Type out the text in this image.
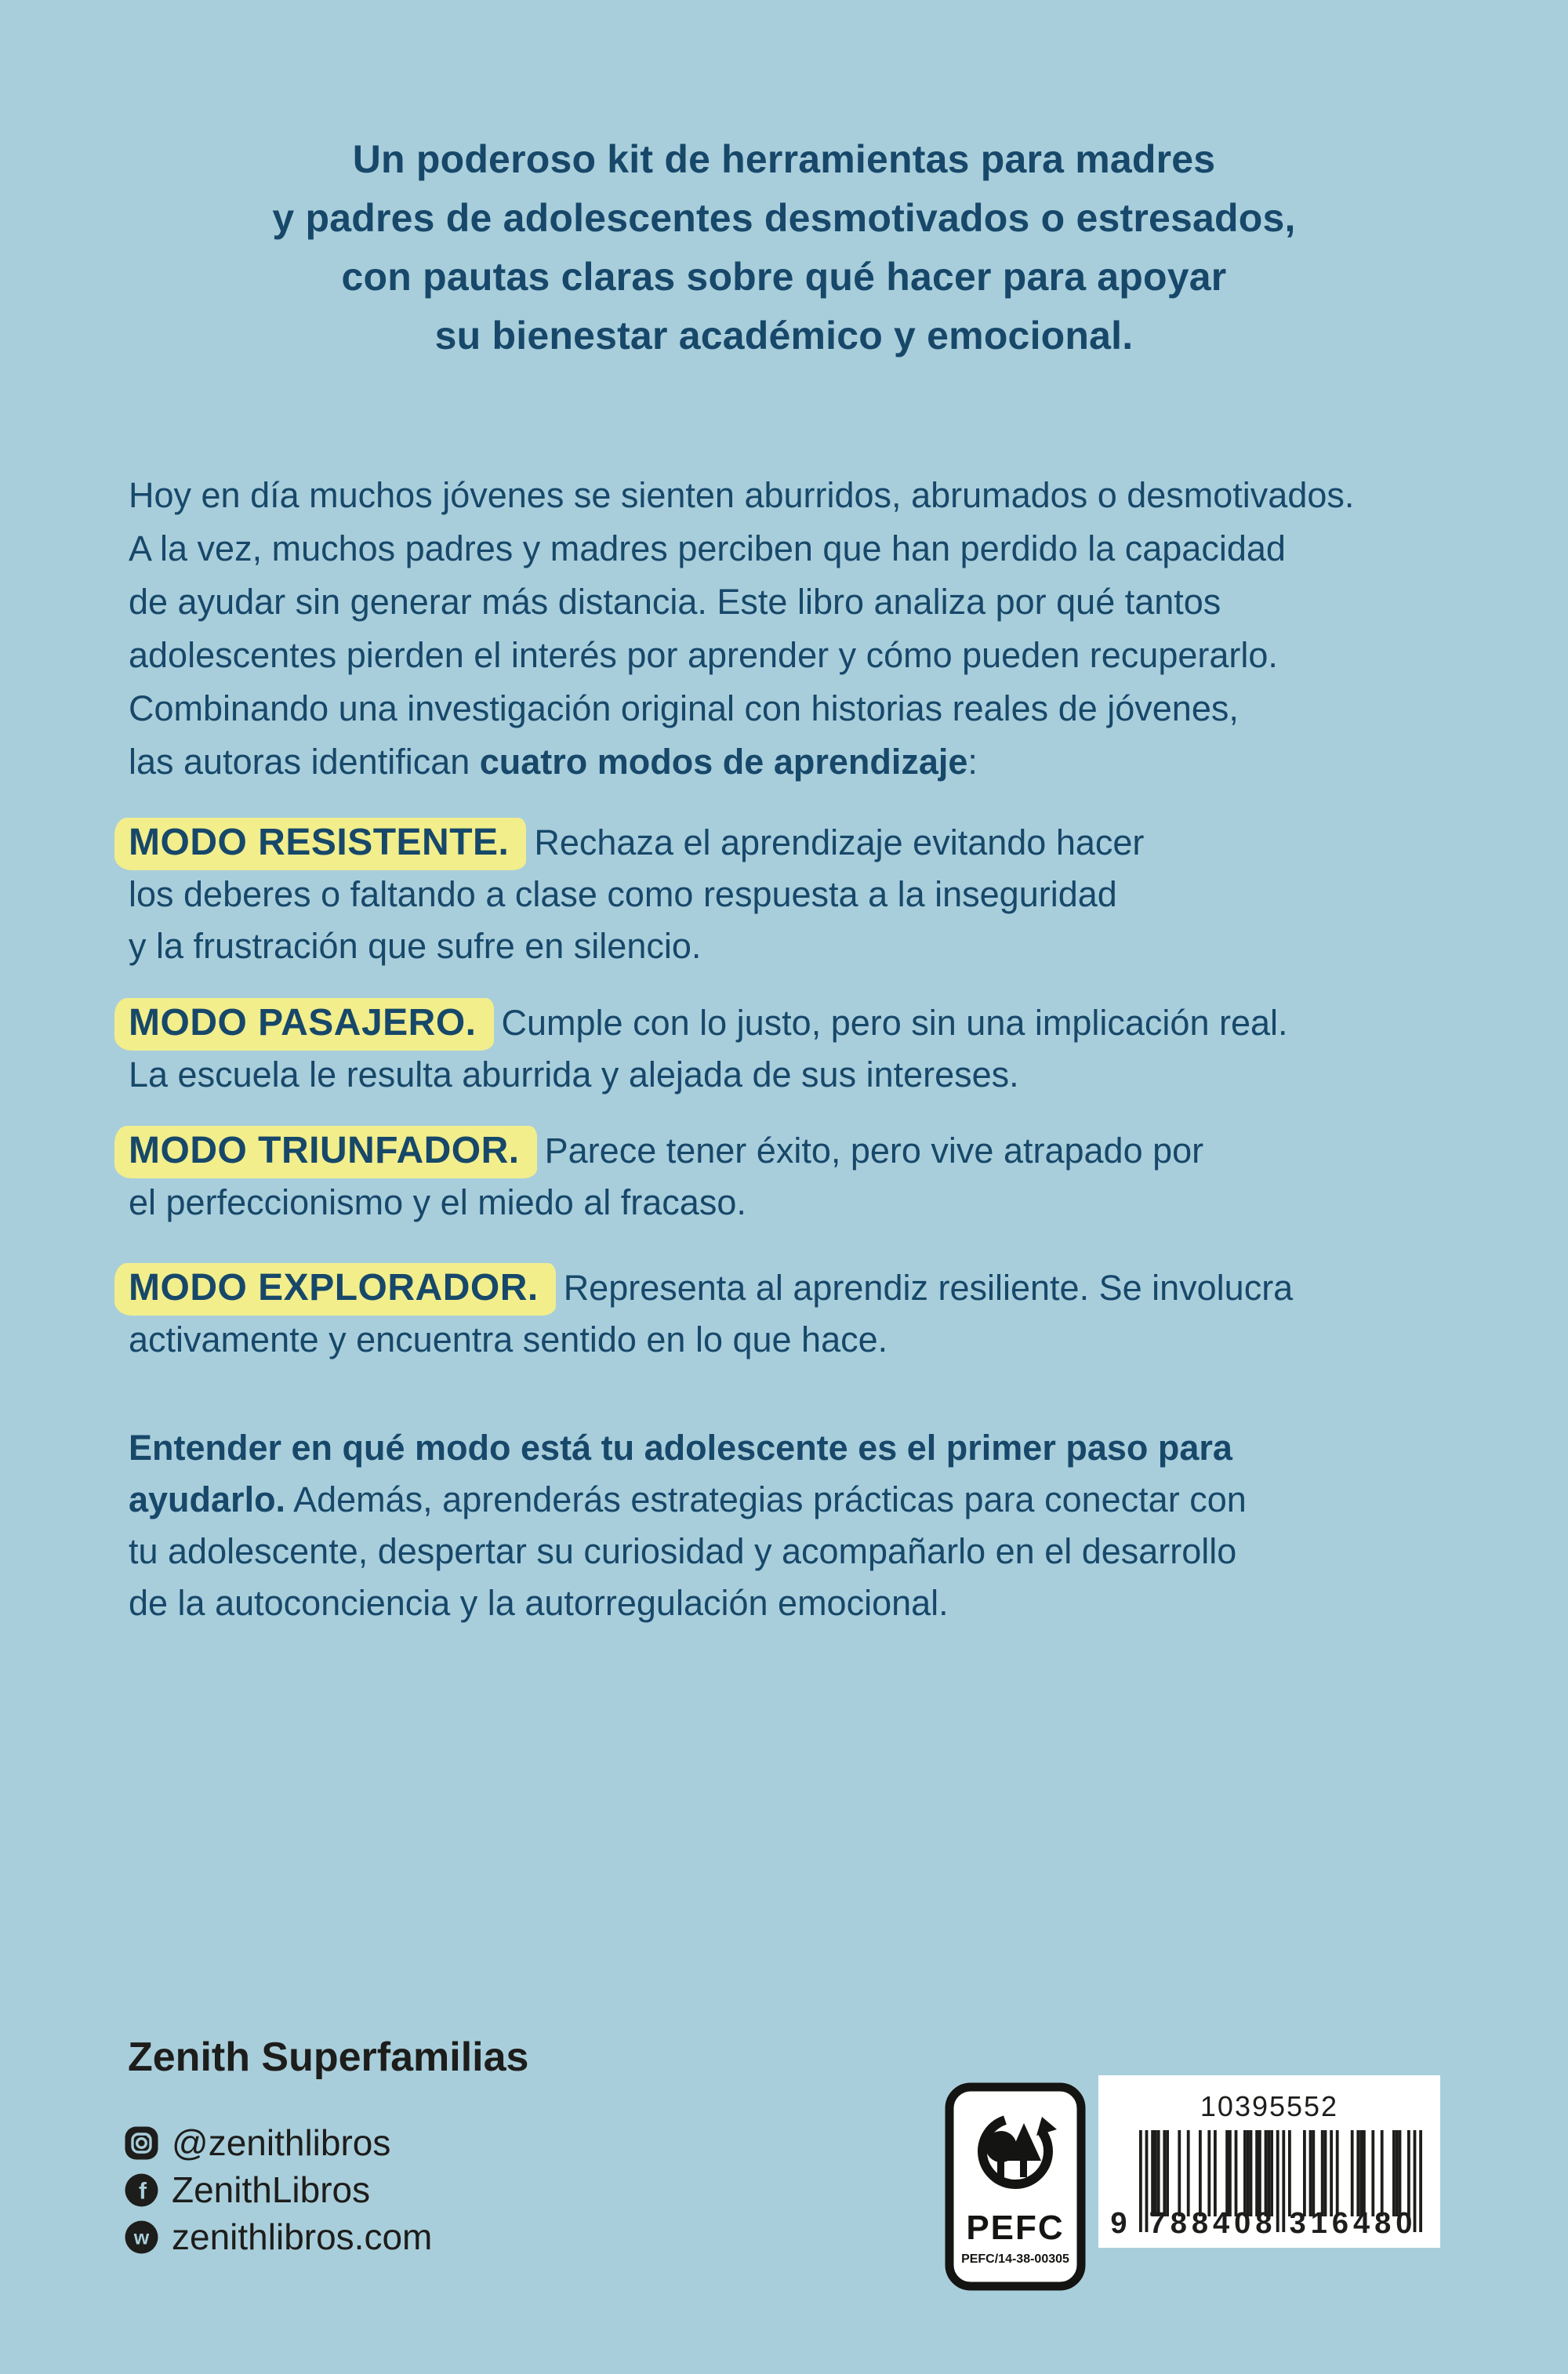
Un poderoso kit de herramientas para madres
y padres de adolescentes desmotivados o estresados,
con pautas claras sobre qué hacer para apoyar
su bienestar académico y emocional.
Hoy en día muchos jóvenes se sienten aburridos, abrumados o desmotivados.
A la vez, muchos padres y madres perciben que han perdido la capacidad
de ayudar sin generar más distancia. Este libro analiza por qué tantos
adolescentes pierden el interés por aprender y cómo pueden recuperarlo.
Combinando una investigación original con historias reales de jóvenes,
las autoras identifican cuatro modos de aprendizaje:
MODO RESISTENTE. Rechaza el aprendizaje evitando hacer
los deberes o faltando a clase como respuesta a la inseguridad
y la frustración que sufre en silencio.
MODO PASAJERO. Cumple con lo justo, pero sin una implicación real.
La escuela le resulta aburrida y alejada de sus intereses.
MODO TRIUNFADOR. Parece tener éxito, pero vive atrapado por
el perfeccionismo y el miedo al fracaso.
MODO EXPLORADOR. Representa al aprendiz resiliente. Se involucra
activamente y encuentra sentido en lo que hace.
Entender en qué modo está tu adolescente es el primer paso para
ayudarlo. Además, aprenderás estrategias prácticas para conectar con
tu adolescente, despertar su curiosidad y acompañarlo en el desarrollo
de la autoconciencia y la autorregulación emocional.
Zenith Superfamilias
@zenithlibros
f ZenithLibros
w zenithlibros.com	PEFC
PEFC/14-38-00305
10395552
9 788408 316480
